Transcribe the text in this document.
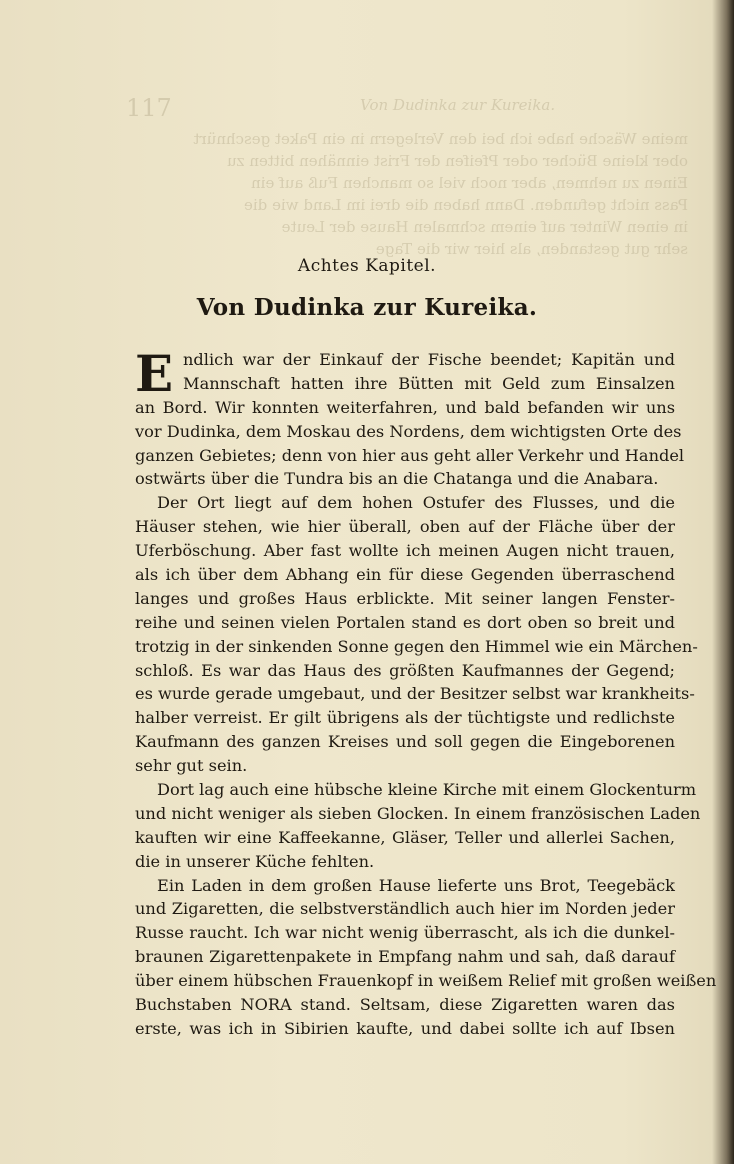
117	Von Dudinka zur Kureika.
meine Wäsche habe ich bei den Verlegern in ein Paket geschnürt
ober kleine Bücher oder Pfeifen der Frist einnähen bitten zu
Einen zu nehmen, aber noch viel so manchen Fuß auf ein
Pass nicht gefunden. Dann haben die drei im Land wie die
in einen Winter auf einem schmalen Hause der Leute
sehr gut gestanden, als hier wir die Tage
Achtes Kapitel.
Von Dudinka zur Kureika.
E ndlich war der Einkauf der Fische beendet; Kapitän und
Mannschaft hatten ihre Bütten mit Geld zum Einsalzen
an Bord. Wir konnten weiterfahren, und bald befanden wir uns
vor Dudinka, dem Moskau des Nordens, dem wichtigsten Orte des
ganzen Gebietes; denn von hier aus geht aller Verkehr und Handel
ostwärts über die Tundra bis an die Chatanga und die Anabara.
Der Ort liegt auf dem hohen Ostufer des Flusses, und die
Häuser stehen, wie hier überall, oben auf der Fläche über der
Uferböschung. Aber fast wollte ich meinen Augen nicht trauen,
als ich über dem Abhang ein für diese Gegenden überraschend
langes und großes Haus erblickte. Mit seiner langen Fenster-
reihe und seinen vielen Portalen stand es dort oben so breit und
trotzig in der sinkenden Sonne gegen den Himmel wie ein Märchen-
schloß. Es war das Haus des größten Kaufmannes der Gegend;
es wurde gerade umgebaut, und der Besitzer selbst war krankheits-
halber verreist. Er gilt übrigens als der tüchtigste und redlichste
Kaufmann des ganzen Kreises und soll gegen die Eingeborenen
sehr gut sein.
Dort lag auch eine hübsche kleine Kirche mit einem Glockenturm
und nicht weniger als sieben Glocken. In einem französischen Laden
kauften wir eine Kaffeekanne, Gläser, Teller und allerlei Sachen,
die in unserer Küche fehlten.
Ein Laden in dem großen Hause lieferte uns Brot, Teegebäck
und Zigaretten, die selbstverständlich auch hier im Norden jeder
Russe raucht. Ich war nicht wenig überrascht, als ich die dunkel-
braunen Zigarettenpakete in Empfang nahm und sah, daß darauf
über einem hübschen Frauenkopf in weißem Relief mit großen weißen
Buchstaben NORA stand. Seltsam, diese Zigaretten waren das
erste, was ich in Sibirien kaufte, und dabei sollte ich auf Ibsen
